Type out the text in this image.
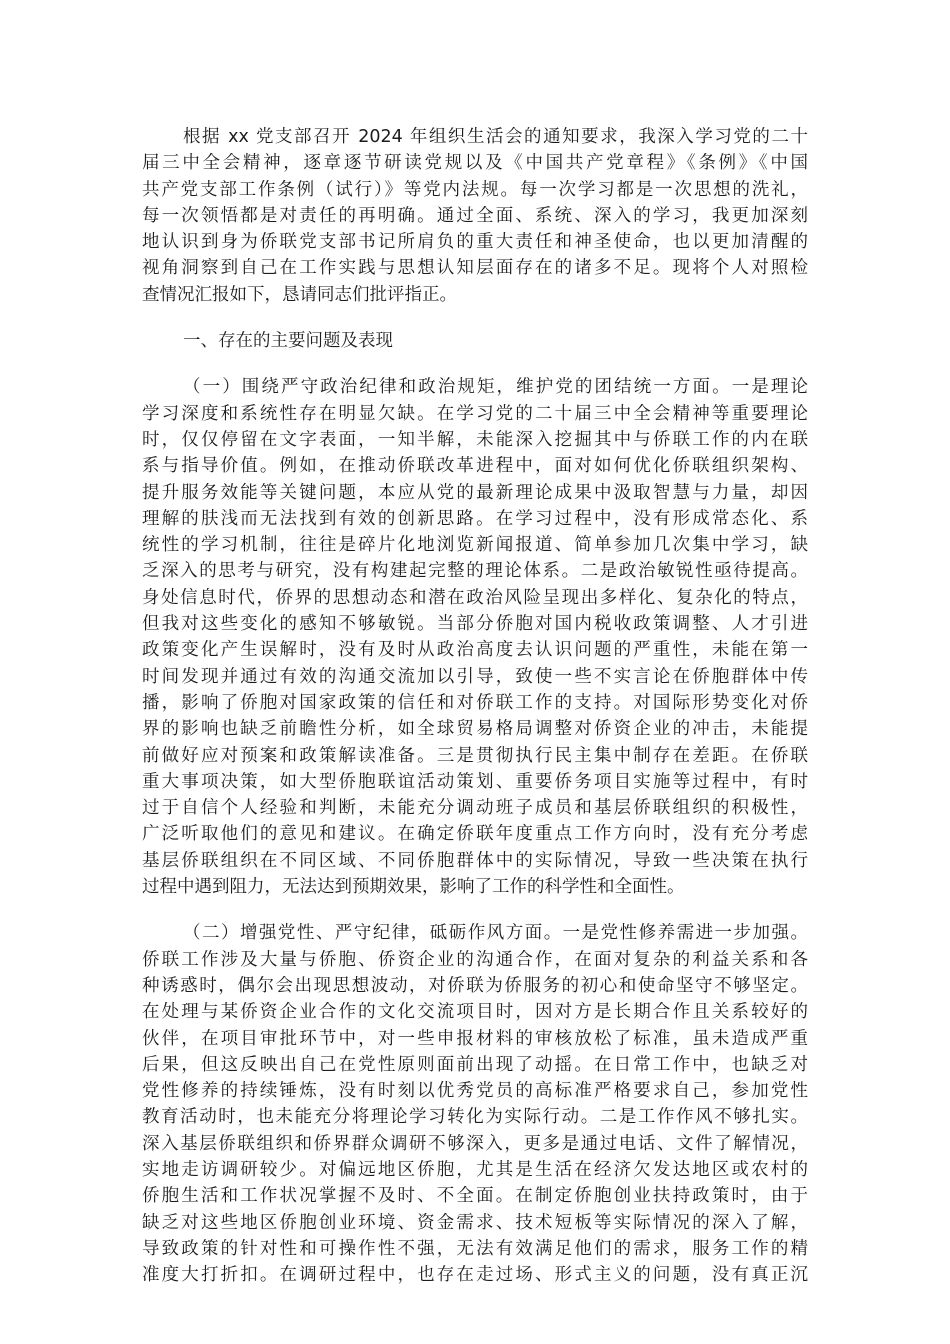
根据 xx 党支部召开 2024 年组织生活会的通知要求，我深入学习党的二十
届三中全会精神，逐章逐节研读党规以及《中国共产党章程》《条例》《中国
共产党支部工作条例（试行）》等党内法规。每一次学习都是一次思想的洗礼，
每一次领悟都是对责任的再明确。通过全面、系统、深入的学习，我更加深刻
地认识到身为侨联党支部书记所肩负的重大责任和神圣使命，也以更加清醒的
视角洞察到自己在工作实践与思想认知层面存在的诸多不足。现将个人对照检
查情况汇报如下，恳请同志们批评指正。
一、存在的主要问题及表现
（一）围绕严守政治纪律和政治规矩，维护党的团结统一方面。一是理论
学习深度和系统性存在明显欠缺。在学习党的二十届三中全会精神等重要理论
时，仅仅停留在文字表面，一知半解，未能深入挖掘其中与侨联工作的内在联
系与指导价值。例如，在推动侨联改革进程中，面对如何优化侨联组织架构、
提升服务效能等关键问题，本应从党的最新理论成果中汲取智慧与力量，却因
理解的肤浅而无法找到有效的创新思路。在学习过程中，没有形成常态化、系
统性的学习机制，往往是碎片化地浏览新闻报道、简单参加几次集中学习，缺
乏深入的思考与研究，没有构建起完整的理论体系。二是政治敏锐性亟待提高。
身处信息时代，侨界的思想动态和潜在政治风险呈现出多样化、复杂化的特点，
但我对这些变化的感知不够敏锐。当部分侨胞对国内税收政策调整、人才引进
政策变化产生误解时，没有及时从政治高度去认识问题的严重性，未能在第一
时间发现并通过有效的沟通交流加以引导，致使一些不实言论在侨胞群体中传
播，影响了侨胞对国家政策的信任和对侨联工作的支持。对国际形势变化对侨
界的影响也缺乏前瞻性分析，如全球贸易格局调整对侨资企业的冲击，未能提
前做好应对预案和政策解读准备。三是贯彻执行民主集中制存在差距。在侨联
重大事项决策，如大型侨胞联谊活动策划、重要侨务项目实施等过程中，有时
过于自信个人经验和判断，未能充分调动班子成员和基层侨联组织的积极性，
广泛听取他们的意见和建议。在确定侨联年度重点工作方向时，没有充分考虑
基层侨联组织在不同区域、不同侨胞群体中的实际情况，导致一些决策在执行
过程中遇到阻力，无法达到预期效果，影响了工作的科学性和全面性。
（二）增强党性、严守纪律，砥砺作风方面。一是党性修养需进一步加强。
侨联工作涉及大量与侨胞、侨资企业的沟通合作，在面对复杂的利益关系和各
种诱惑时，偶尔会出现思想波动，对侨联为侨服务的初心和使命坚守不够坚定。
在处理与某侨资企业合作的文化交流项目时，因对方是长期合作且关系较好的
伙伴，在项目审批环节中，对一些申报材料的审核放松了标准，虽未造成严重
后果，但这反映出自己在党性原则面前出现了动摇。在日常工作中，也缺乏对
党性修养的持续锤炼，没有时刻以优秀党员的高标准严格要求自己，参加党性
教育活动时，也未能充分将理论学习转化为实际行动。二是工作作风不够扎实。
深入基层侨联组织和侨界群众调研不够深入，更多是通过电话、文件了解情况，
实地走访调研较少。对偏远地区侨胞，尤其是生活在经济欠发达地区或农村的
侨胞生活和工作状况掌握不及时、不全面。在制定侨胞创业扶持政策时，由于
缺乏对这些地区侨胞创业环境、资金需求、技术短板等实际情况的深入了解，
导致政策的针对性和可操作性不强，无法有效满足他们的需求，服务工作的精
准度大打折扣。在调研过程中，也存在走过场、形式主义的问题，没有真正沉
